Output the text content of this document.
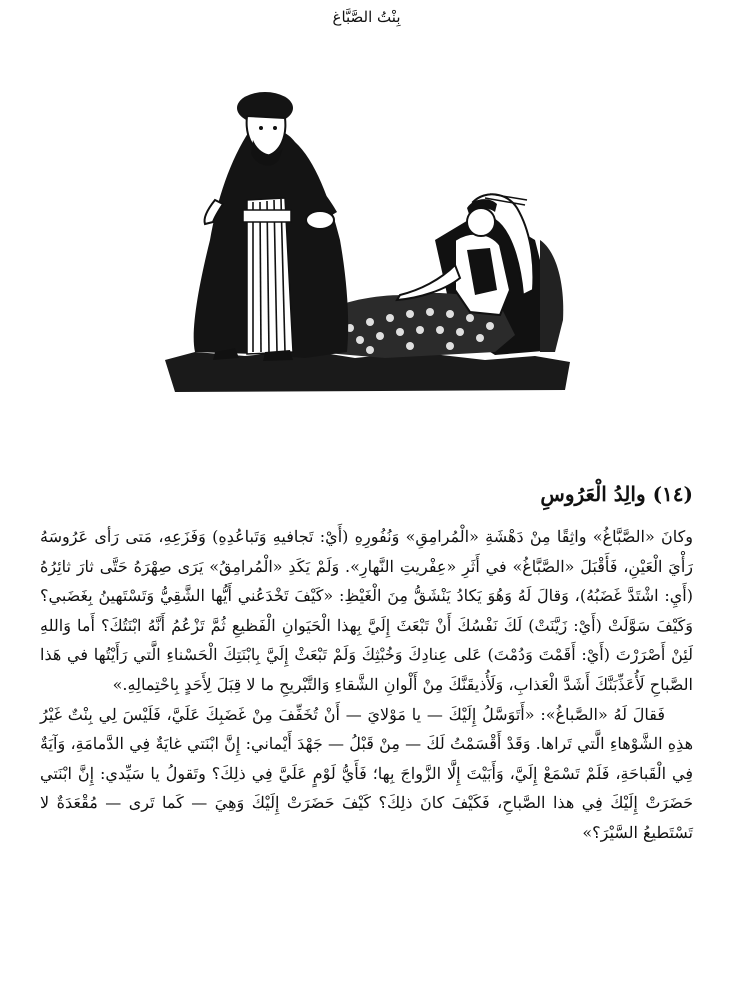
بِنْتُ الصَّبَّاغ
(١٤) والِدُ الْعَرُوسِ

وكانَ «الصَّبَّاغُ» واثِقًا مِنْ دَهْشَةِ «الْمُرامِقِ» وَنُفُورِهِ (أَيْ: تَجافيهِ وَتَباعُدِهِ) وَفَزَعِهِ، مَتى رَأى عَرُوسَهُ رَأْيَ الْعَيْنِ، فَأَقْبَلَ «الصَّبَّاغُ» في أَثَرِ «عِفْريتِ النَّهارِ». وَلَمْ يَكَدِ «الْمُرامِقُ» يَرَى صِهْرَهُ حَتَّى ثارَ ثائِرُهُ (أَيِ: اشْتَدَّ غَضَبُهُ)، وَقالَ لَهُ وَهُوَ يَكادُ يَنْشَقُّ مِنَ الْغَيْظِ: «كَيْفَ تَخْدَعُني أَيُّها الشَّقِيُّ وَتَسْتَهينُ بِغَضَبي؟ وَكَيْفَ سَوَّلَتْ (أَيْ: زَيَّنَتْ) لَكَ نَفْسُكَ أَنْ تَبْعَثَ إِلَيَّ بِهذا الْحَيَوانِ الْفَظيعِ ثُمَّ تَزْعُمُ أَنَّهُ ابْنَتُكَ؟ أَما وَاللهِ لَئِنْ أَصْرَرْتَ (أَيْ: أَقَمْتَ وَدُمْتَ) عَلى عِنادِكَ وَخُبْثِكَ وَلَمْ تَبْعَثْ إِلَيَّ بِابْنَتِكَ الْحَسْناءِ الَّتي رَأَيْتُها في هَذا الصَّباحِ لَأُعَذِّبَنَّكَ أَشَدَّ الْعَذابِ، وَلَأُذيقَنَّكَ مِنْ أَلْوانِ الشَّقاءِ وَالتَّبْريحِ ما لا قِبَلَ لِأَحَدٍ بِاحْتِمالِهِ.»

فَقالَ لَهُ «الصَّباغُ»: «أَتَوَسَّلُ إِلَيْكَ — يا مَوْلايَ — أَنْ تُخَفِّفَ مِنْ غَضَبِكَ عَلَيَّ، فَلَيْسَ لِي بِنْتٌ غَيْرُ هذِهِ الشَّوْهاءِ الَّتي تَراها. وَقَدْ أَقْسَمْتُ لَكَ — مِنْ قَبْلُ — جَهْدَ أَيْماني: إِنَّ ابْنَتي غايَةٌ فِي الدَّمامَةِ، وَآيَةٌ فِي الْقَباحَةِ، فَلَمْ تَسْمَعْ إِلَيَّ، وَأَبَيْتَ إِلَّا الزَّواجَ بِها؛ فَأَيُّ لَوْمٍ عَلَيَّ فِي ذلِكَ؟ وتَقولُ يا سَيِّدي: إِنَّ ابْنَتي حَضَرَتْ إِلَيْكَ فِي هذا الصَّباحِ، فَكَيْفَ كانَ ذلِكَ؟ كَيْفَ حَضَرَتْ إِلَيْكَ وَهِيَ — كَما تَرى — مُقْعَدَةٌ لا تَسْتَطيعُ السَّيْرَ؟»
